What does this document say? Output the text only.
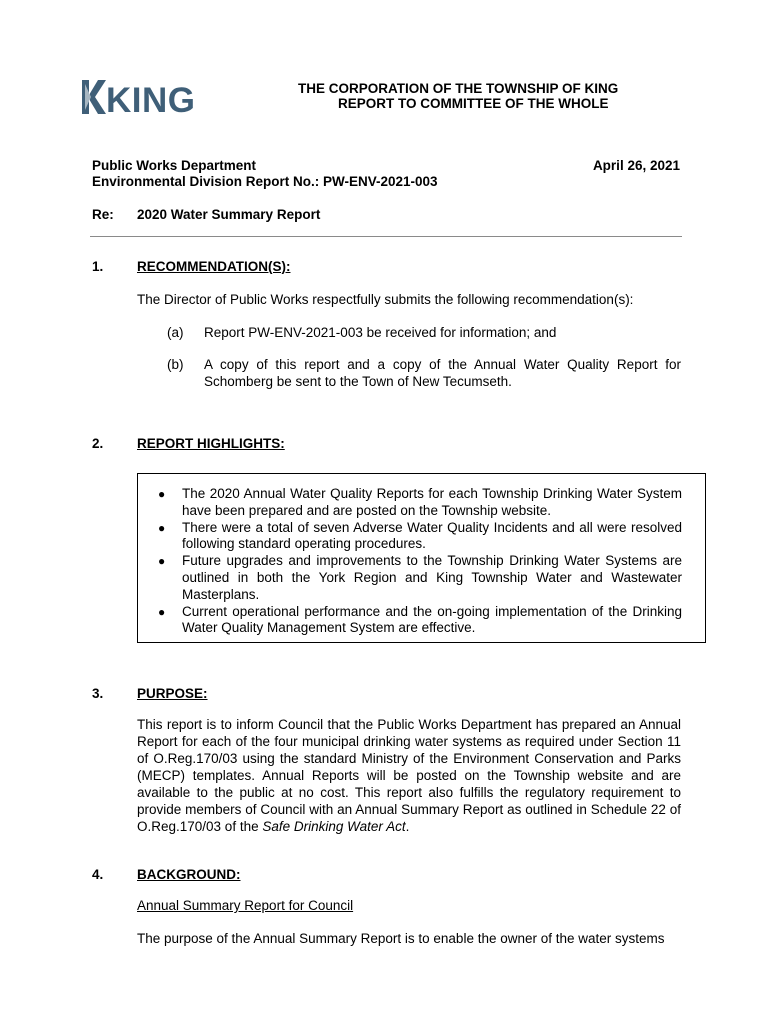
KING	THE CORPORATION OF THE TOWNSHIP OF KING
REPORT TO COMMITTEE OF THE WHOLE
Public Works Department
Environmental Division Report No.: PW-ENV-2021-003
April 26, 2021
Re: 2020 Water Summary Report
1. RECOMMENDATION(S):
The Director of Public Works respectfully submits the following recommendation(s):
(a) Report PW-ENV-2021-003 be received for information; and
(b) A copy of this report and a copy of the Annual Water Quality Report for Schomberg be sent to the Town of New Tecumseth.
2. REPORT HIGHLIGHTS:
● The 2020 Annual Water Quality Reports for each Township Drinking Water System have been prepared and are posted on the Township website.
● There were a total of seven Adverse Water Quality Incidents and all were resolved following standard operating procedures.
● Future upgrades and improvements to the Township Drinking Water Systems are outlined in both the York Region and King Township Water and Wastewater Masterplans.
● Current operational performance and the on-going implementation of the Drinking Water Quality Management System are effective.
3. PURPOSE:
This report is to inform Council that the Public Works Department has prepared an Annual Report for each of the four municipal drinking water systems as required under Section 11 of O.Reg.170/03 using the standard Ministry of the Environment Conservation and Parks (MECP) templates. Annual Reports will be posted on the Township website and are available to the public at no cost. This report also fulfills the regulatory requirement to provide members of Council with an Annual Summary Report as outlined in Schedule 22 of O.Reg.170/03 of the Safe Drinking Water Act.
4. BACKGROUND:
Annual Summary Report for Council
The purpose of the Annual Summary Report is to enable the owner of the water systems
